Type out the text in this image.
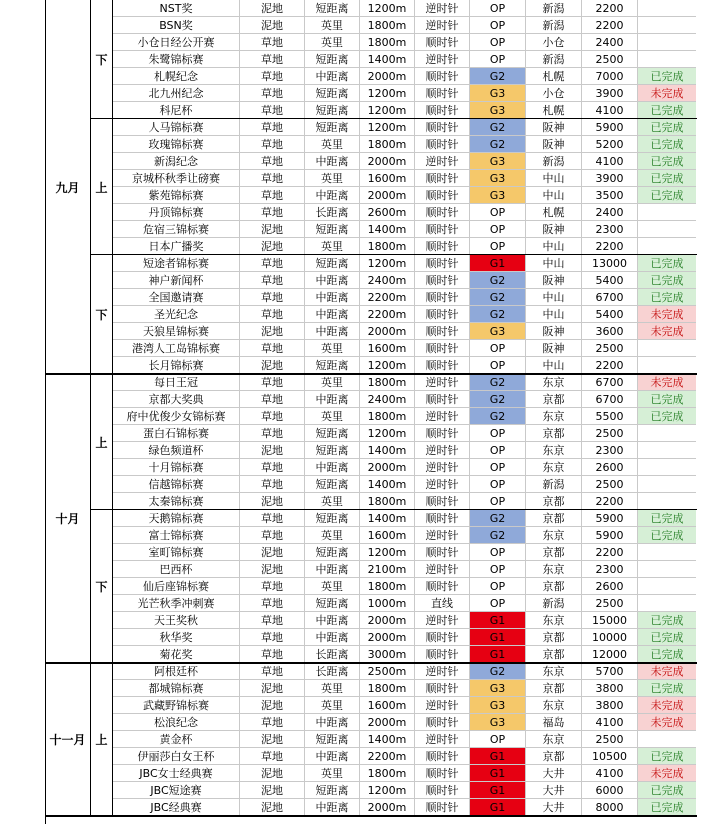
NST奖	泥地	短距离	1200m	逆时针	OP	新潟	2200
BSN奖	泥地	英里	1800m	逆时针	OP	新潟	2200
小仓日经公开赛	草地	英里	1800m	顺时针	OP	小仓	2400
朱鹭锦标赛	草地	短距离	1400m	逆时针	OP	新潟	2500
札幌纪念	草地	中距离	2000m	顺时针	G2	札幌	7000	已完成
北九州纪念	草地	短距离	1200m	顺时针	G3	小仓	3900	未完成
科尼杯	草地	短距离	1200m	顺时针	G3	札幌	4100	已完成
下
人马锦标赛	草地	短距离	1200m	顺时针	G2	阪神	5900	已完成
玫瑰锦标赛	草地	英里	1800m	顺时针	G2	阪神	5200	已完成
新潟纪念	草地	中距离	2000m	逆时针	G3	新潟	4100	已完成
京城杯秋季让磅赛	草地	英里	1600m	顺时针	G3	中山	3900	已完成
紫苑锦标赛	草地	中距离	2000m	顺时针	G3	中山	3500	已完成
丹顶锦标赛	草地	长距离	2600m	顺时针	OP	札幌	2400
危宿三锦标赛	泥地	短距离	1400m	顺时针	OP	阪神	2300
日本广播奖	泥地	英里	1800m	顺时针	OP	中山	2200
上
短途者锦标赛	草地	短距离	1200m	顺时针	G1	中山	13000	已完成
神户新闻杯	草地	中距离	2400m	顺时针	G2	阪神	5400	已完成
全国邀请赛	草地	中距离	2200m	顺时针	G2	中山	6700	已完成
圣光纪念	草地	中距离	2200m	顺时针	G2	中山	5400	未完成
天狼星锦标赛	泥地	中距离	2000m	顺时针	G3	阪神	3600	未完成
港湾人工岛锦标赛	草地	英里	1600m	顺时针	OP	阪神	2500
长月锦标赛	泥地	短距离	1200m	顺时针	OP	中山	2200
下
九月
每日王冠	草地	英里	1800m	逆时针	G2	东京	6700	未完成
京都大奖典	草地	中距离	2400m	顺时针	G2	京都	6700	已完成
府中优俊少女锦标赛	草地	英里	1800m	逆时针	G2	东京	5500	已完成
蛋白石锦标赛	草地	短距离	1200m	顺时针	OP	京都	2500
绿色频道杯	泥地	短距离	1400m	逆时针	OP	东京	2300
十月锦标赛	草地	中距离	2000m	逆时针	OP	东京	2600
信越锦标赛	草地	短距离	1400m	逆时针	OP	新潟	2500
太秦锦标赛	泥地	英里	1800m	顺时针	OP	京都	2200
上
天鹅锦标赛	草地	短距离	1400m	顺时针	G2	京都	5900	已完成
富士锦标赛	草地	英里	1600m	逆时针	G2	东京	5900	已完成
室町锦标赛	泥地	短距离	1200m	顺时针	OP	京都	2200
巴西杯	泥地	中距离	2100m	逆时针	OP	东京	2300
仙后座锦标赛	草地	英里	1800m	顺时针	OP	京都	2600
光芒秋季冲刺赛	草地	短距离	1000m	直线	OP	新潟	2500
天王奖秋	草地	中距离	2000m	逆时针	G1	东京	15000	已完成
秋华奖	草地	中距离	2000m	顺时针	G1	京都	10000	已完成
菊花奖	草地	长距离	3000m	顺时针	G1	京都	12000	已完成
下
十月
阿根廷杯	草地	长距离	2500m	逆时针	G2	东京	5700	未完成
都城锦标赛	泥地	英里	1800m	顺时针	G3	京都	3800	已完成
武藏野锦标赛	泥地	英里	1600m	逆时针	G3	东京	3800	未完成
松浪纪念	草地	中距离	2000m	顺时针	G3	福岛	4100	未完成
黄金杯	泥地	短距离	1400m	逆时针	OP	东京	2500
伊丽莎白女王杯	草地	中距离	2200m	顺时针	G1	京都	10500	已完成
JBC女士经典赛	泥地	英里	1800m	顺时针	G1	大井	4100	未完成
JBC短途赛	泥地	短距离	1200m	顺时针	G1	大井	6000	已完成
JBC经典赛	泥地	中距离	2000m	顺时针	G1	大井	8000	已完成
上
十一月
